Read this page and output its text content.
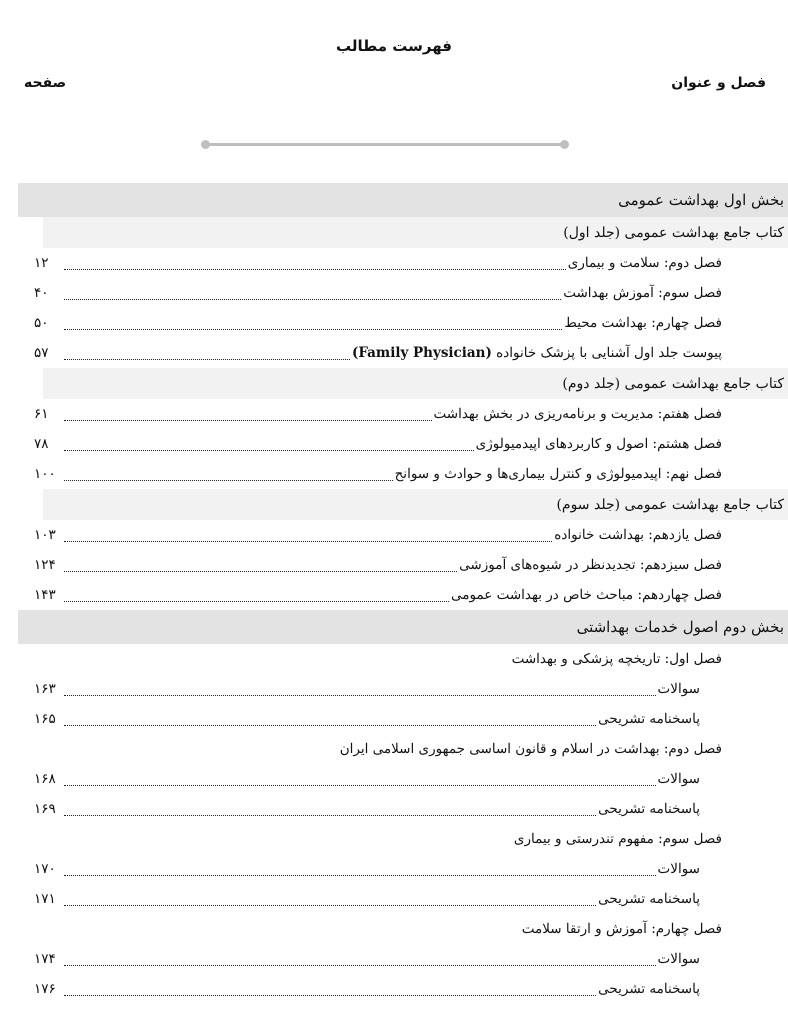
فهرست مطالب
فصل و عنوان
صفحه
بخش اول بهداشت عمومی
کتاب جامع بهداشت عمومی (جلد اول)
فصل دوم: سلامت و بیماری
۱۲
فصل سوم: آموزش بهداشت
۴۰
فصل چهارم: بهداشت محیط
۵۰
پیوست جلد اول آشنایی با پزشک خانواده (Family Physician)
۵۷
کتاب جامع بهداشت عمومی (جلد دوم)
فصل هفتم: مدیریت و برنامه‌ریزی در بخش بهداشت
۶۱
فصل هشتم: اصول و کاربردهای اپیدمیولوژی
۷۸
فصل نهم: اپیدمیولوژی و کنترل بیماری‌ها و حوادث و سوانح
۱۰۰
کتاب جامع بهداشت عمومی (جلد سوم)
فصل یازدهم: بهداشت خانواده
۱۰۳
فصل سیزدهم: تجدیدنظر در شیوه‌های آموزشی
۱۲۴
فصل چهاردهم: مباحث خاص در بهداشت عمومی
۱۴۳
بخش دوم اصول خدمات بهداشتی
فصل اول: تاریخچه پزشکی و بهداشت
سوالات
۱۶۳
پاسخنامه تشریحی
۱۶۵
فصل دوم: بهداشت در اسلام و قانون اساسی جمهوری اسلامی ایران
سوالات
۱۶۸
پاسخنامه تشریحی
۱۶۹
فصل سوم: مفهوم تندرستی و بیماری
سوالات
۱۷۰
پاسخنامه تشریحی
۱۷۱
فصل چهارم: آموزش و ارتقا سلامت
سوالات
۱۷۴
پاسخنامه تشریحی
۱۷۶
